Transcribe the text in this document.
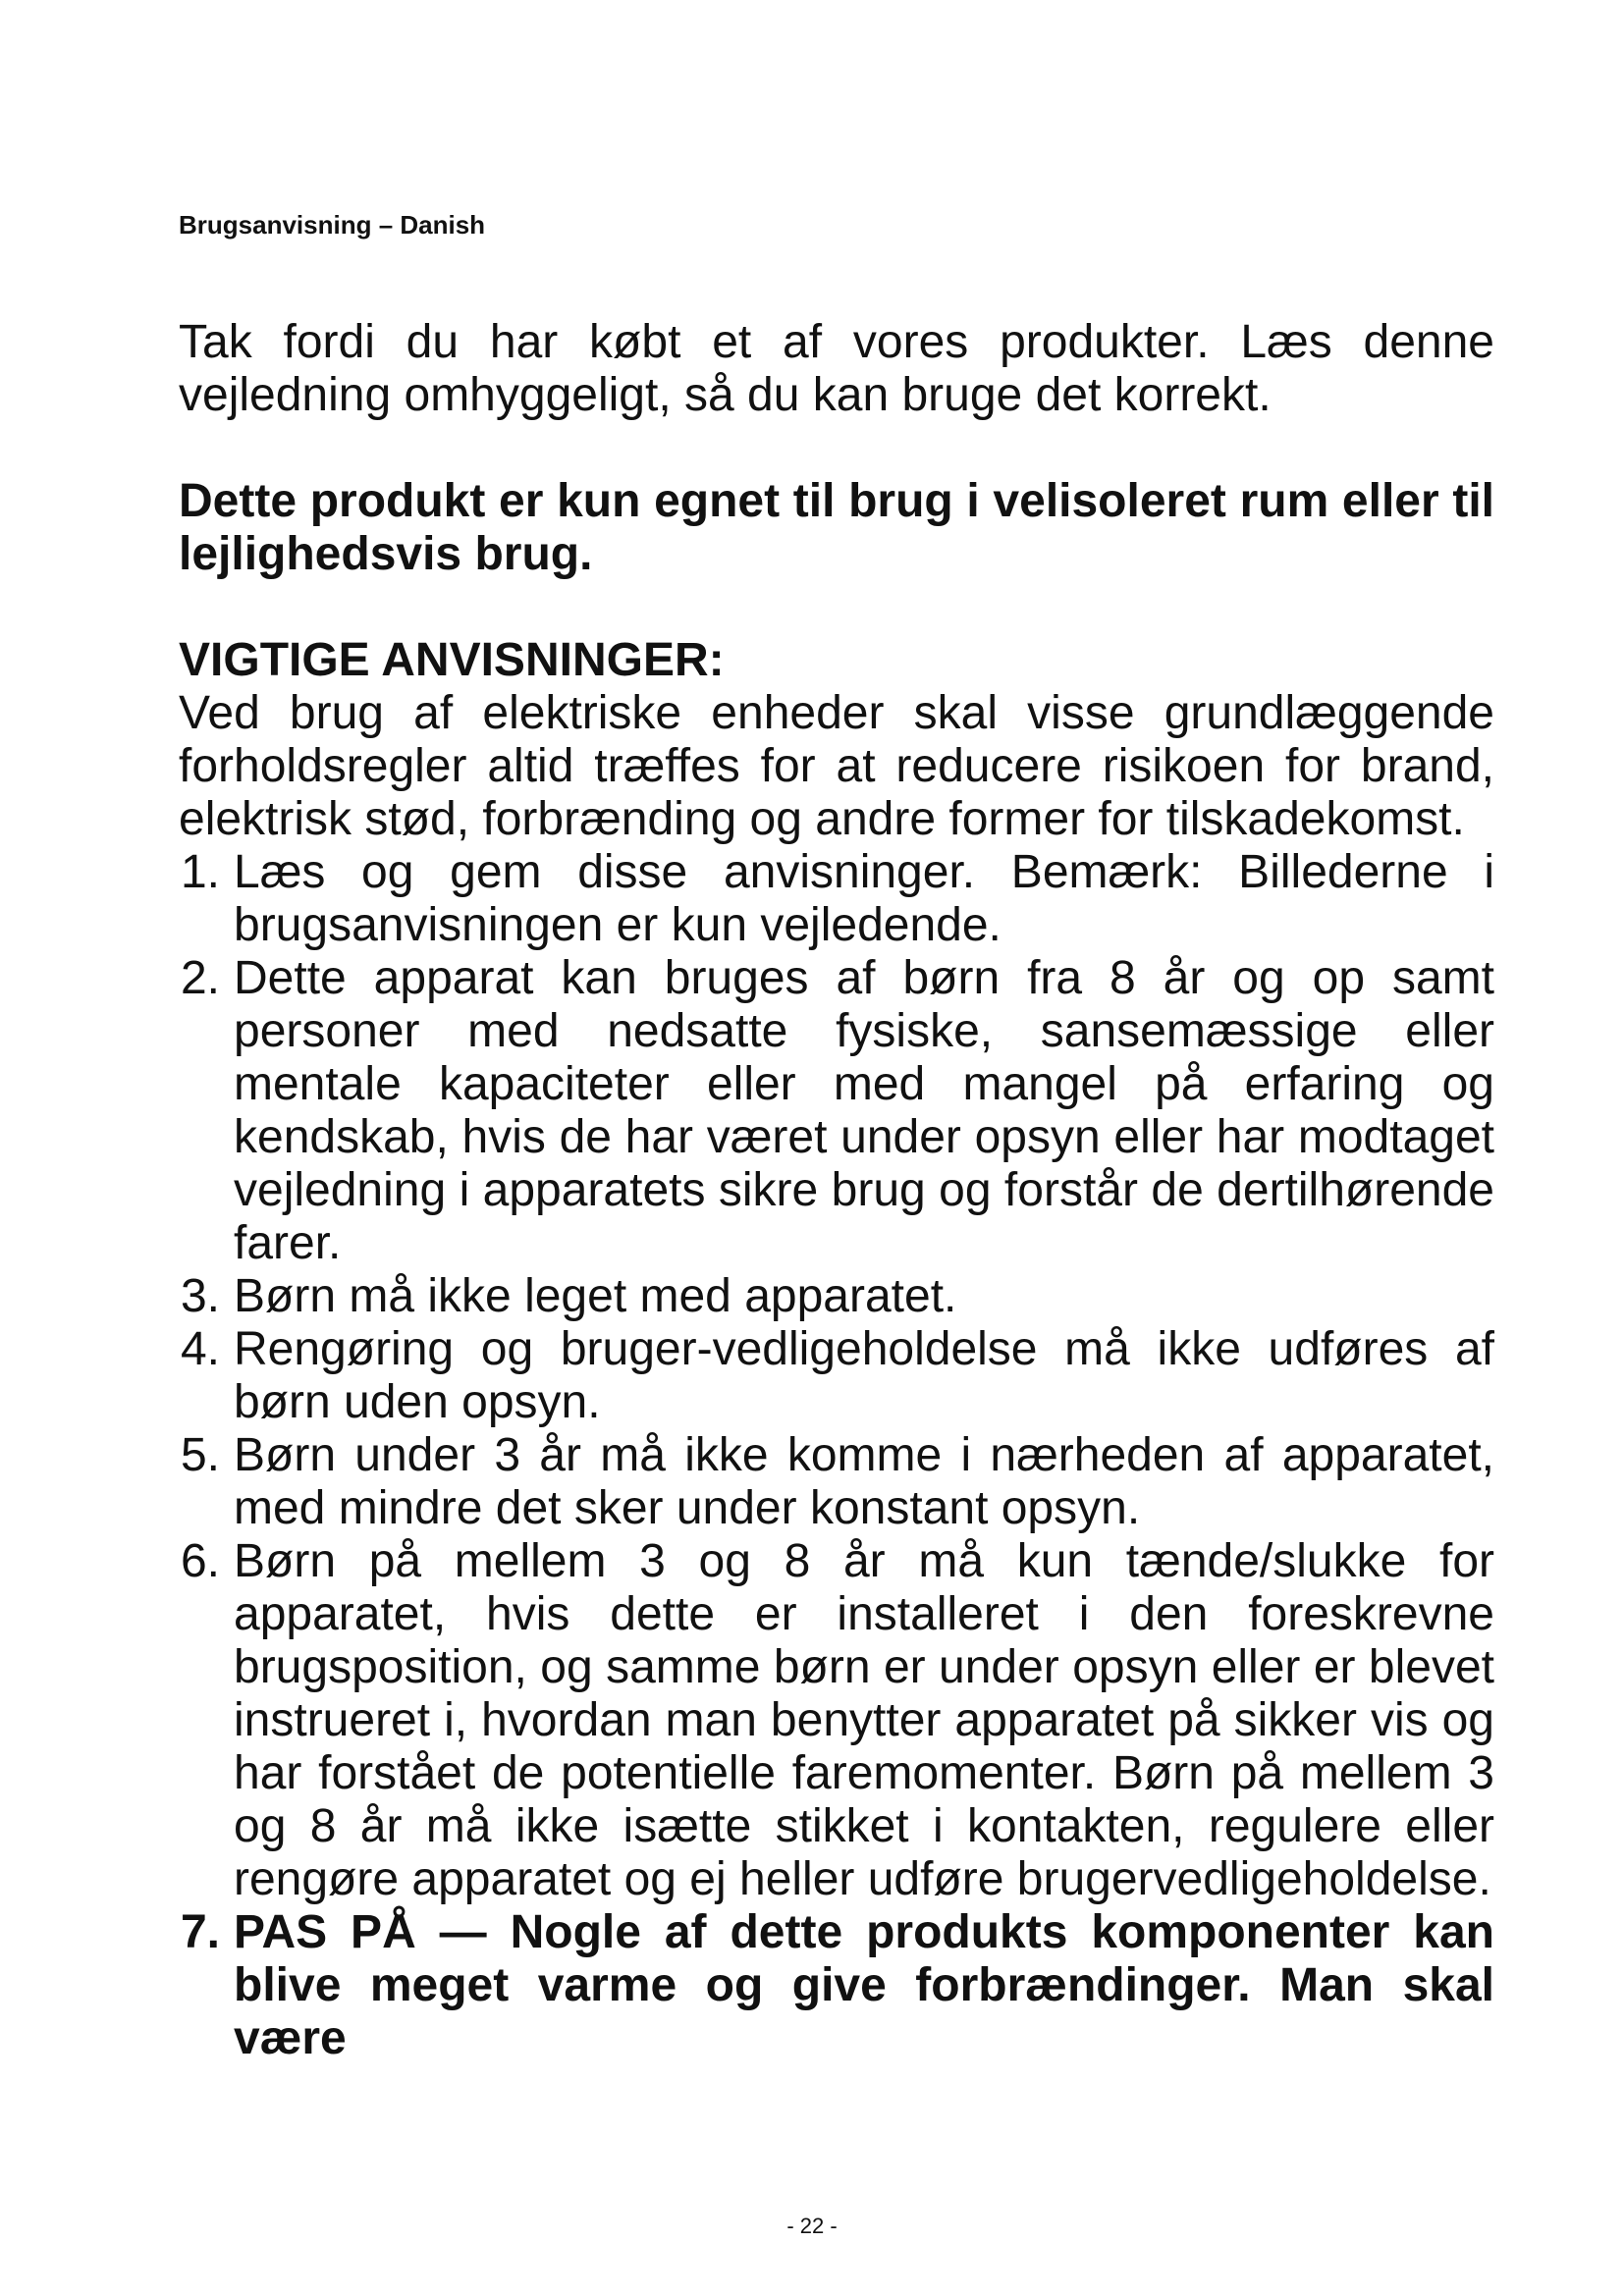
Brugsanvisning – Danish

Tak fordi du har købt et af vores produkter. Læs denne vejledning omhyggeligt, så du kan bruge det korrekt.

Dette produkt er kun egnet til brug i velisoleret rum eller til lejlighedsvis brug.

VIGTIGE ANVISNINGER:

Ved brug af elektriske enheder skal visse grundlæggende forholdsregler altid træffes for at reducere risikoen for brand, elektrisk stød, forbrænding og andre former for tilskadekomst.

1. Læs og gem disse anvisninger. Bemærk: Billederne i brugsanvisningen er kun vejledende.
2. Dette apparat kan bruges af børn fra 8 år og op samt personer med nedsatte fysiske, sansemæssige eller mentale kapaciteter eller med mangel på erfaring og kendskab, hvis de har været under opsyn eller har modtaget vejledning i apparatets sikre brug og forstår de dertilhørende farer.
3. Børn må ikke leget med apparatet.
4. Rengøring og bruger-vedligeholdelse må ikke udføres af børn uden opsyn.
5. Børn under 3 år må ikke komme i nærheden af apparatet, med mindre det sker under konstant opsyn.
6. Børn på mellem 3 og 8 år må kun tænde/slukke for apparatet, hvis dette er installeret i den foreskrevne brugsposition, og samme børn er under opsyn eller er blevet instrueret i, hvordan man benytter apparatet på sikker vis og har forstået de potentielle faremomenter. Børn på mellem 3 og 8 år må ikke isætte stikket i kontakten, regulere eller rengøre apparatet og ej heller udføre brugervedligeholdelse.
7. PAS PÅ — Nogle af dette produkts komponenter kan blive meget varme og give forbrændinger. Man skal være
- 22 -
